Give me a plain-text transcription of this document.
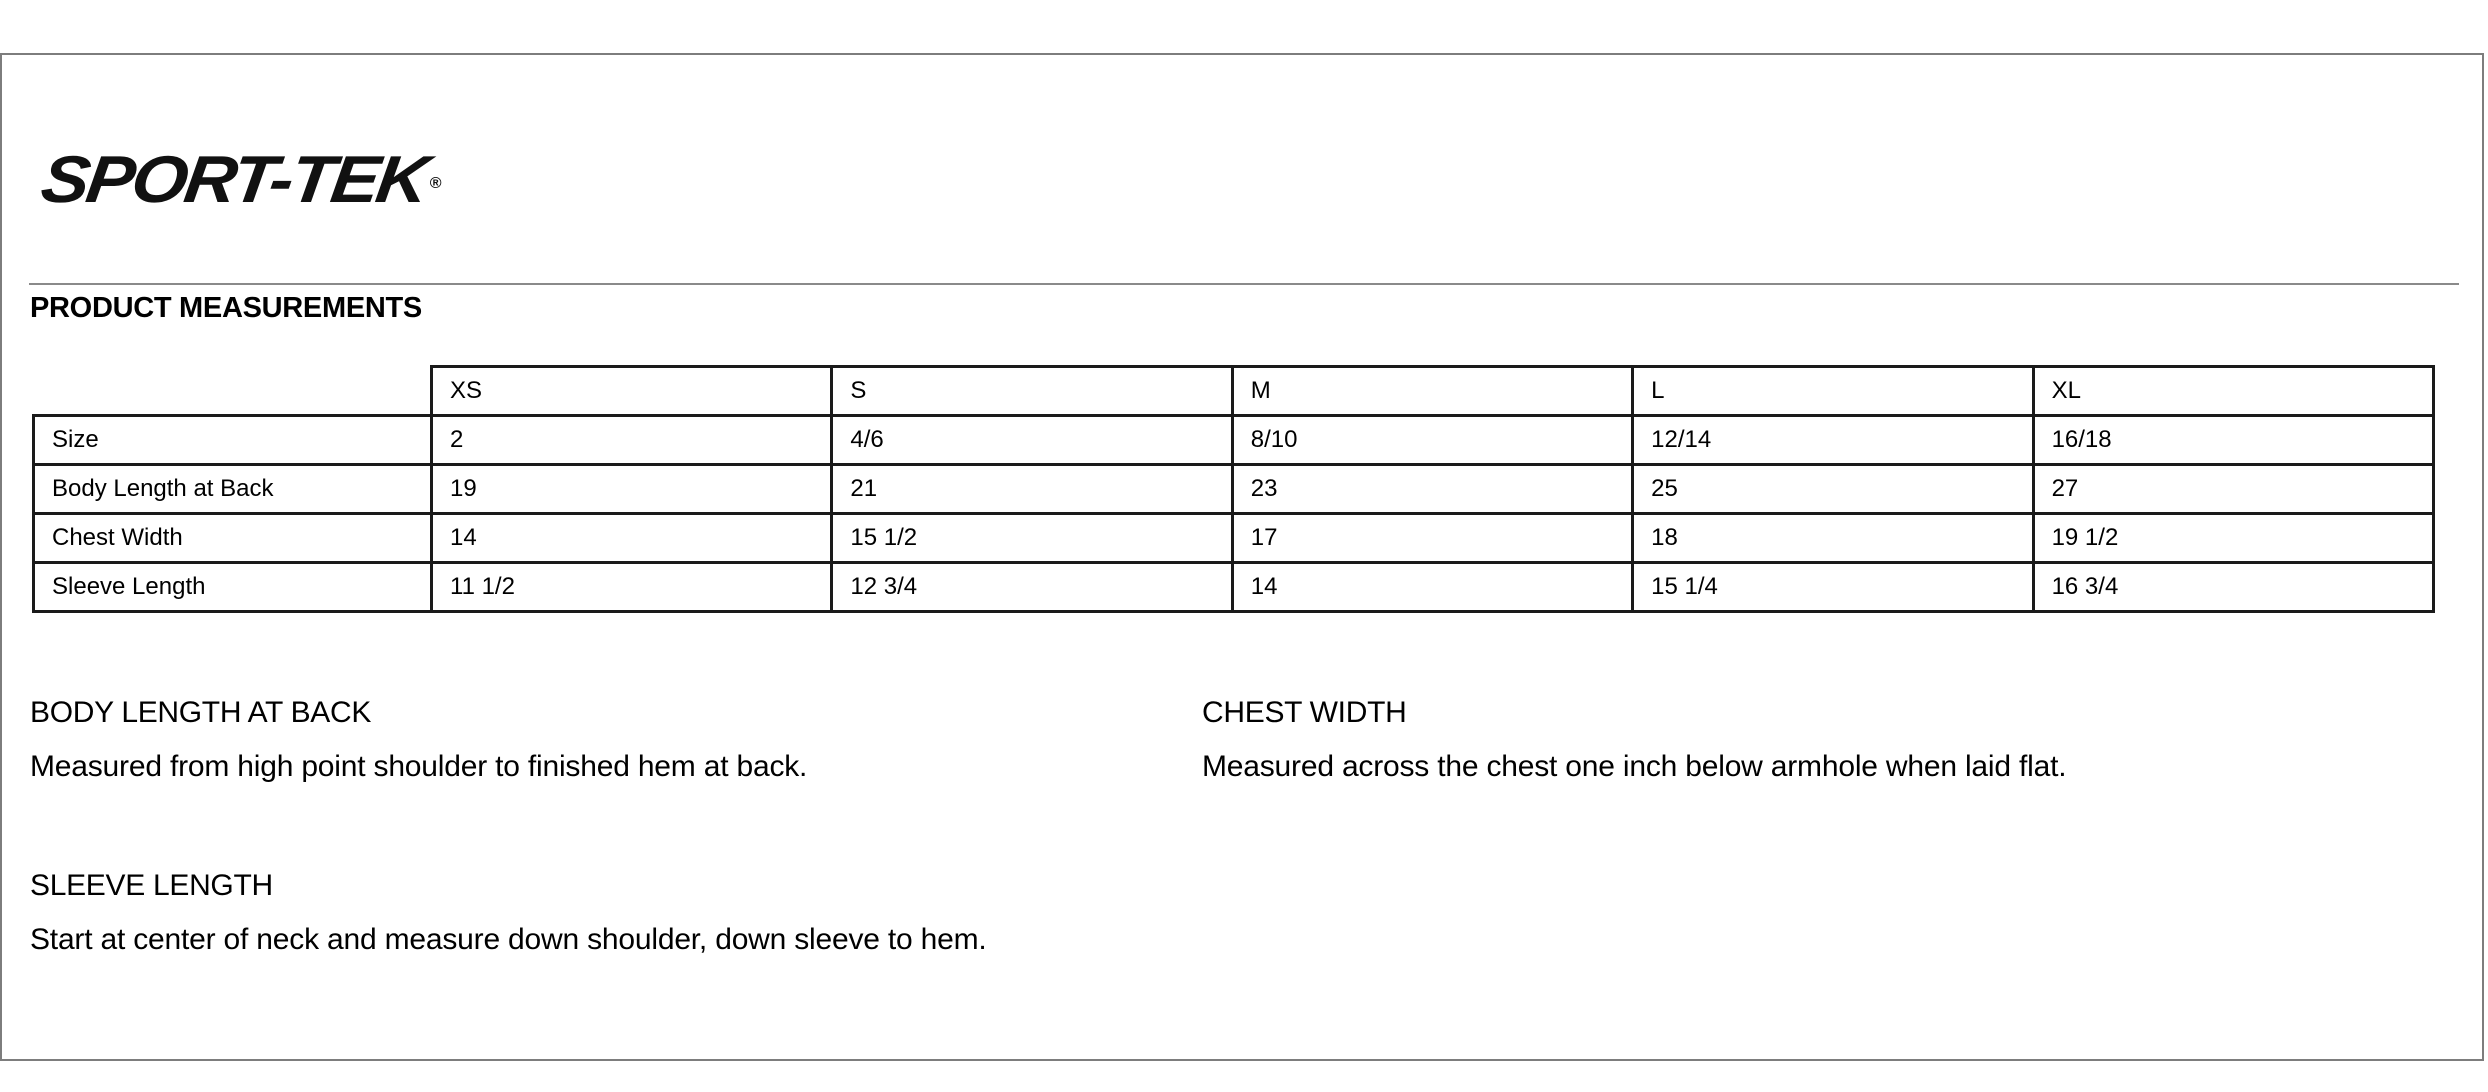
SPORT-TEK
®
PRODUCT MEASUREMENTS
	XS	S	M	L	XL
Size	2	4/6	8/10	12/14	16/18
Body Length at Back	19	21	23	25	27
Chest Width	14	15 1/2	17	18	19 1/2
Sleeve Length	11 1/2	12 3/4	14	15 1/4	16 3/4
BODY LENGTH AT BACK
Measured from high point shoulder to finished hem at back.
CHEST WIDTH
Measured across the chest one inch below armhole when laid flat.
SLEEVE LENGTH
Start at center of neck and measure down shoulder, down sleeve to hem.
